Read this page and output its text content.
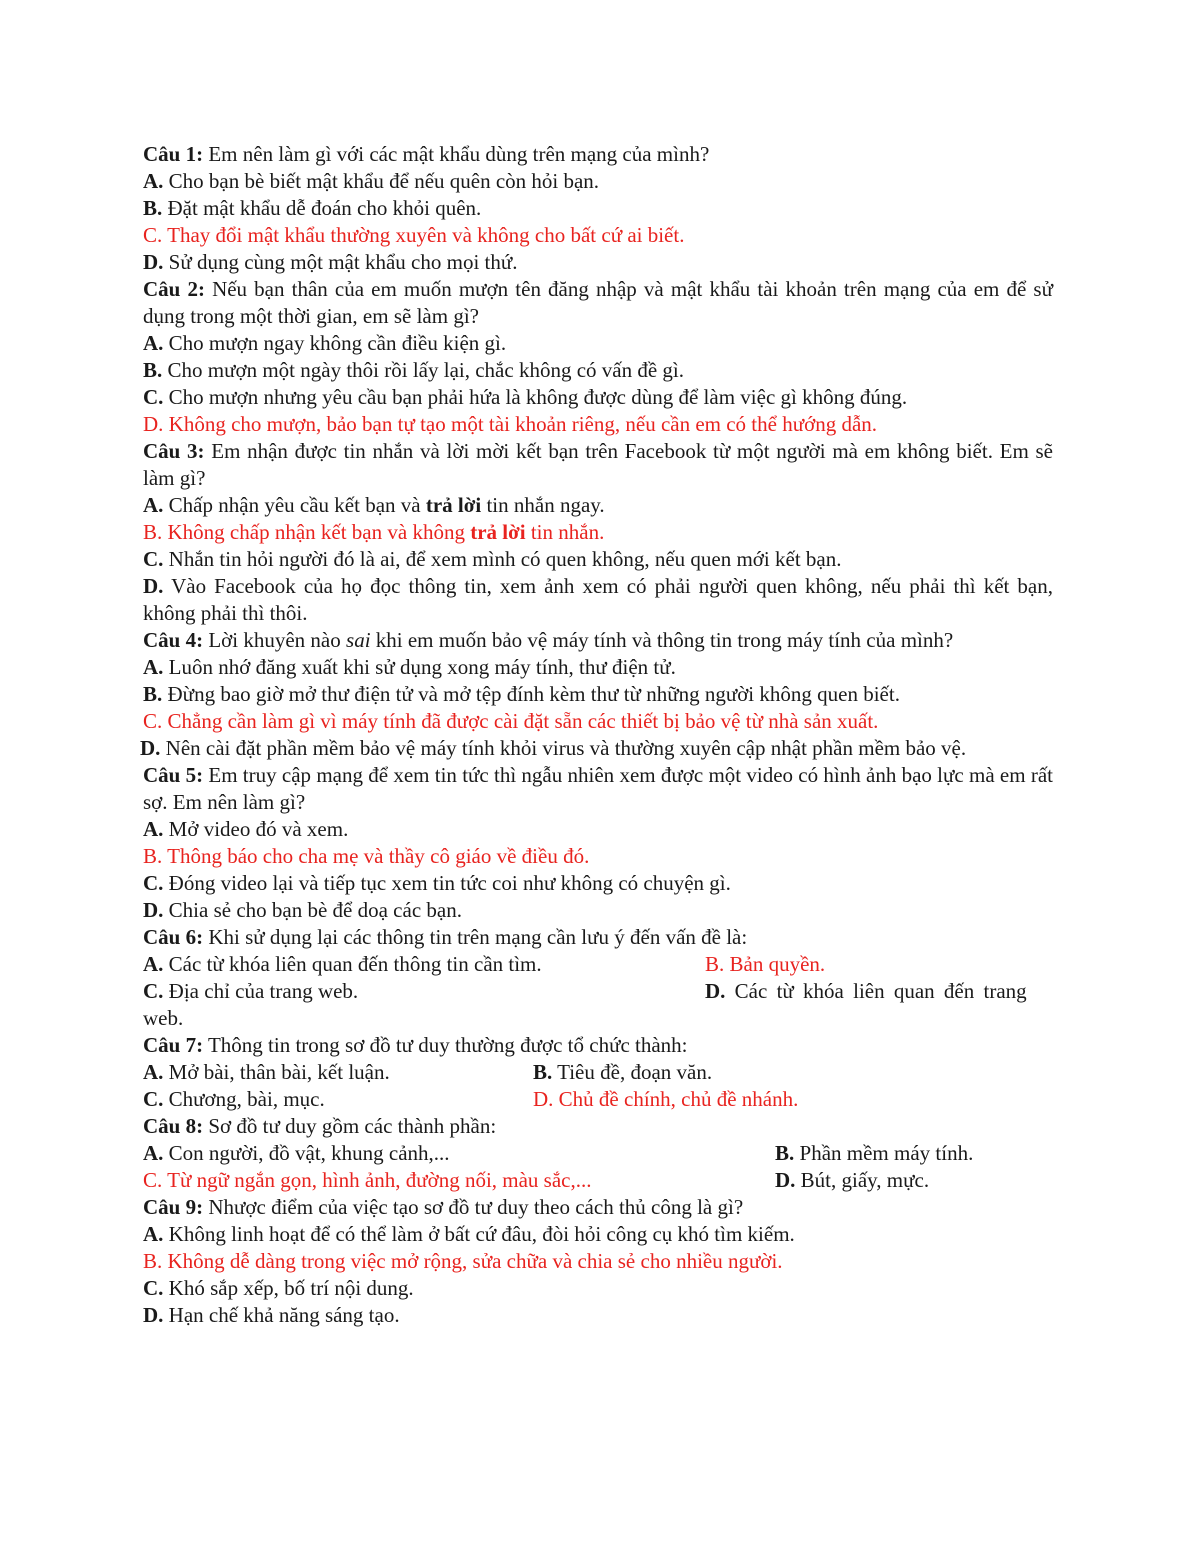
Câu 1: Em nên làm gì với các mật khẩu dùng trên mạng của mình?

A. Cho bạn bè biết mật khẩu để nếu quên còn hỏi bạn.

B. Đặt mật khẩu dễ đoán cho khỏi quên.

C. Thay đổi mật khẩu thường xuyên và không cho bất cứ ai biết.

D. Sử dụng cùng một mật khẩu cho mọi thứ.

Câu 2: Nếu bạn thân của em muốn mượn tên đăng nhập và mật khẩu tài khoản trên mạng của em để sử dụng trong một thời gian, em sẽ làm gì?

A. Cho mượn ngay không cần điều kiện gì.

B. Cho mượn một ngày thôi rồi lấy lại, chắc không có vấn đề gì.

C. Cho mượn nhưng yêu cầu bạn phải hứa là không được dùng để làm việc gì không đúng.

D. Không cho mượn, bảo bạn tự tạo một tài khoản riêng, nếu cần em có thể hướng dẫn.

Câu 3: Em nhận được tin nhắn và lời mời kết bạn trên Facebook từ một người mà em không biết. Em sẽ làm gì?

A. Chấp nhận yêu cầu kết bạn và trả lời tin nhắn ngay.

B. Không chấp nhận kết bạn và không trả lời tin nhắn.

C. Nhắn tin hỏi người đó là ai, để xem mình có quen không, nếu quen mới kết bạn.

D. Vào Facebook của họ đọc thông tin, xem ảnh xem có phải người quen không, nếu phải thì kết bạn, không phải thì thôi.

Câu 4: Lời khuyên nào sai khi em muốn bảo vệ máy tính và thông tin trong máy tính của mình?

A. Luôn nhớ đăng xuất khi sử dụng xong máy tính, thư điện tử.

B. Đừng bao giờ mở thư điện tử và mở tệp đính kèm thư từ những người không quen biết.

C. Chẳng cần làm gì vì máy tính đã được cài đặt sẵn các thiết bị bảo vệ từ nhà sản xuất.

D. Nên cài đặt phần mềm bảo vệ máy tính khỏi virus và thường xuyên cập nhật phần mềm bảo vệ.

Câu 5: Em truy cập mạng để xem tin tức thì ngẫu nhiên xem được một video có hình ảnh bạo lực mà em rất sợ. Em nên làm gì?

A. Mở video đó và xem.

B. Thông báo cho cha mẹ và thầy cô giáo về điều đó.

C. Đóng video lại và tiếp tục xem tin tức coi như không có chuyện gì.

D. Chia sẻ cho bạn bè để doạ các bạn.

Câu 6: Khi sử dụng lại các thông tin trên mạng cần lưu ý đến vấn đề là:

A. Các từ khóa liên quan đến thông tin cần tìm.	B. Bản quyền.
C. Địa chỉ của trang web.	D. Các từ khóa liên quan đến trang

web.

Câu 7: Thông tin trong sơ đồ tư duy thường được tổ chức thành:

A. Mở bài, thân bài, kết luận.	B. Tiêu đề, đoạn văn.
C. Chương, bài, mục.	D. Chủ đề chính, chủ đề nhánh.

Câu 8: Sơ đồ tư duy gồm các thành phần:

A. Con người, đồ vật, khung cảnh,...	B. Phần mềm máy tính.
C. Từ ngữ ngắn gọn, hình ảnh, đường nối, màu sắc,...	D. Bút, giấy, mực.

Câu 9: Nhược điểm của việc tạo sơ đồ tư duy theo cách thủ công là gì?

A. Không linh hoạt để có thể làm ở bất cứ đâu, đòi hỏi công cụ khó tìm kiếm.

B. Không dễ dàng trong việc mở rộng, sửa chữa và chia sẻ cho nhiều người.

C. Khó sắp xếp, bố trí nội dung.

D. Hạn chế khả năng sáng tạo.
